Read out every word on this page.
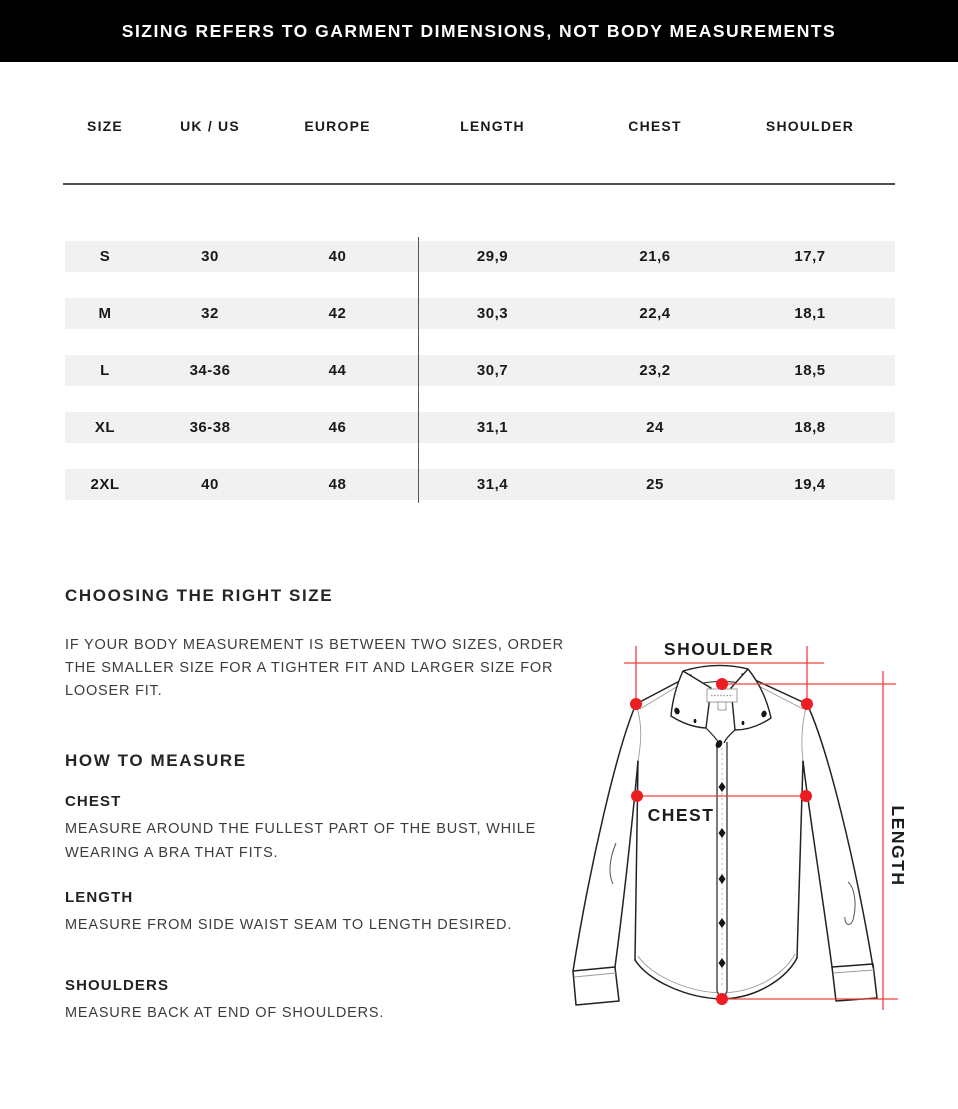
SIZING REFERS TO GARMENT DIMENSIONS, NOT BODY MEASUREMENTS
SIZE	UK / US	EUROPE	LENGTH	CHEST	SHOULDER
S	30	40	29,9	21,6	17,7
M	32	42	30,3	22,4	18,1
L	34-36	44	30,7	23,2	18,5
XL	36-38	46	31,1	24	18,8
2XL	40	48	31,4	25	19,4
CHOOSING THE RIGHT SIZE

IF YOUR BODY MEASUREMENT IS BETWEEN TWO SIZES, ORDER THE SMALLER SIZE FOR A TIGHTER FIT AND LARGER SIZE FOR LOOSER FIT.

HOW TO MEASURE
CHEST

MEASURE AROUND THE FULLEST PART OF THE BUST, WHILE WEARING A BRA THAT FITS.

LENGTH

MEASURE FROM SIDE WAIST SEAM TO LENGTH DESIRED.

SHOULDERS

MEASURE BACK AT END OF SHOULDERS.

SHOULDER
CHEST	LENGTH
